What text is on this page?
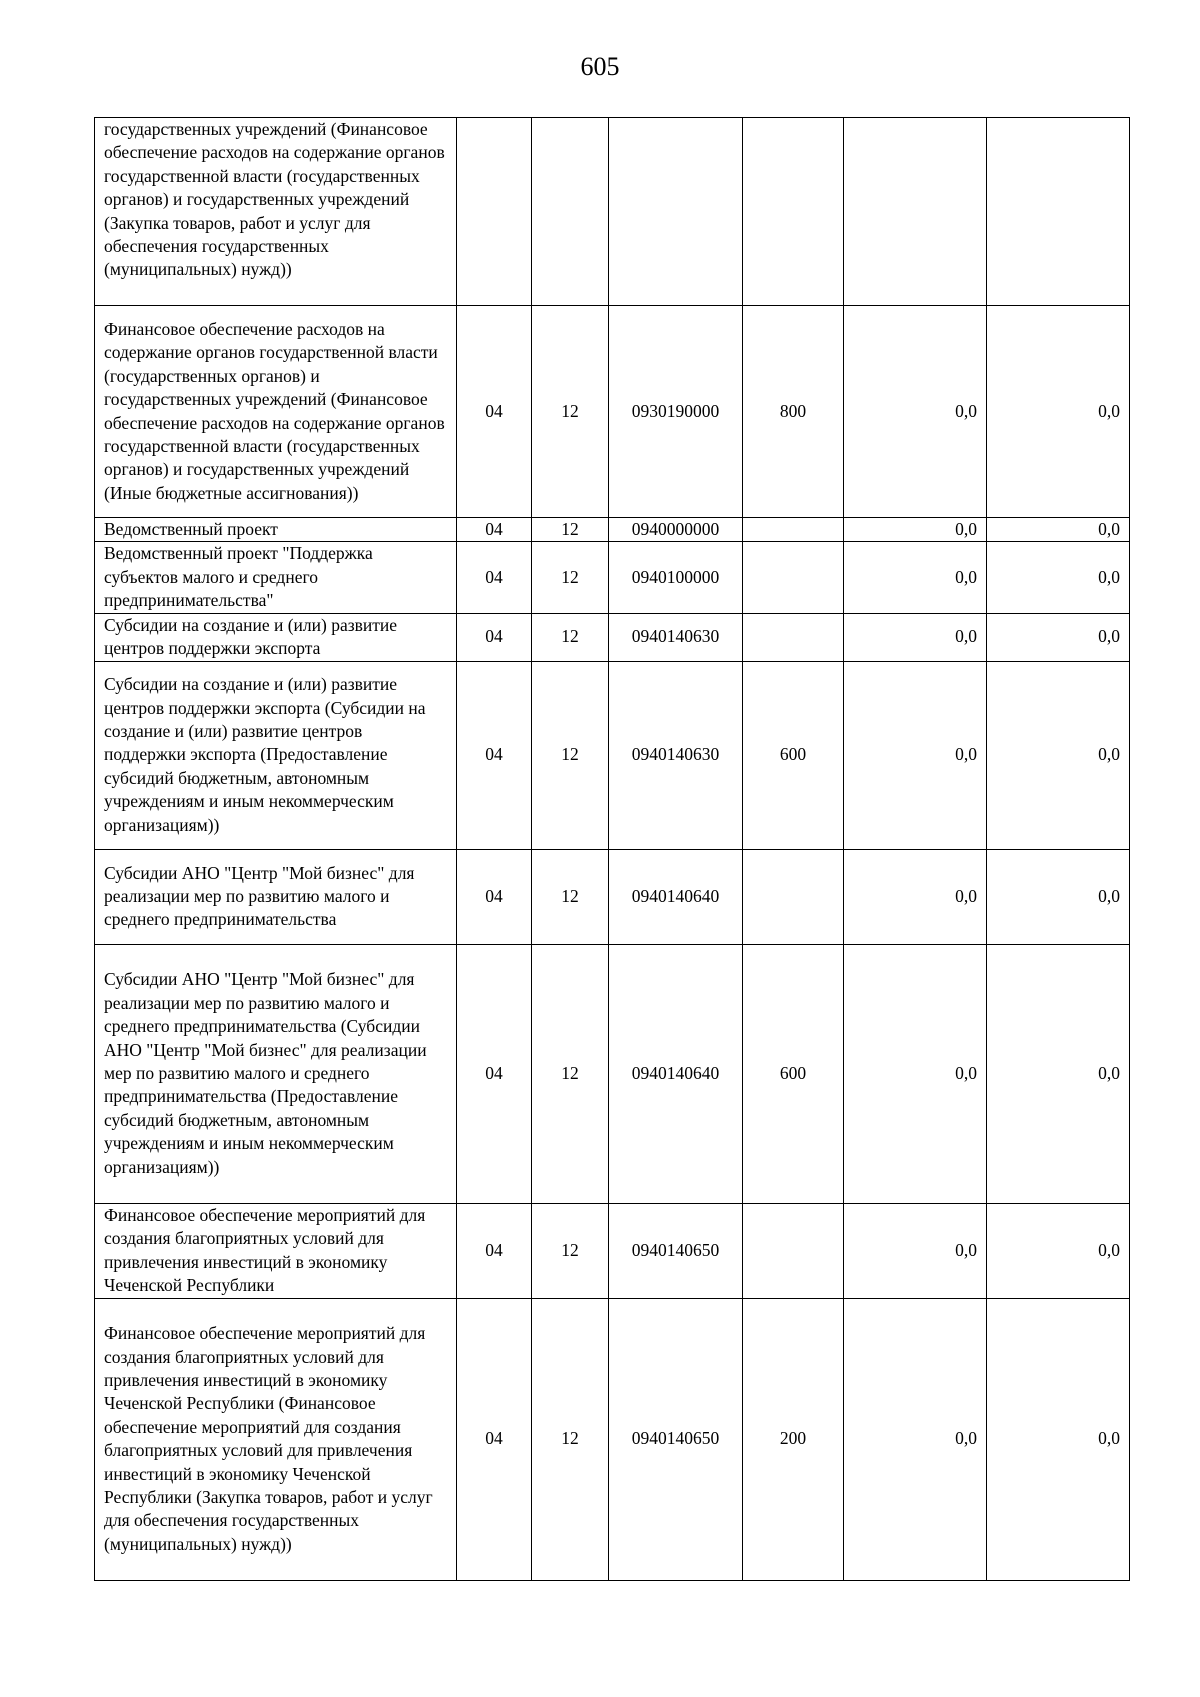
605
государственных учреждений (Финансовое обеспечение расходов на содержание органов государственной власти (государственных органов) и государственных учреждений (Закупка товаров, работ и услуг для обеспечения государственных (муниципальных) нужд))						
Финансовое обеспечение расходов на содержание органов государственной власти (государственных органов) и государственных учреждений (Финансовое обеспечение расходов на содержание органов государственной власти (государственных органов) и государственных учреждений (Иные бюджетные ассигнования))	04	12	0930190000	800	0,0	0,0
Ведомственный проект	04	12	0940000000		0,0	0,0
Ведомственный проект "Поддержка субъектов малого и среднего предпринимательства"	04	12	0940100000		0,0	0,0
Субсидии на создание и (или) развитие центров поддержки экспорта	04	12	0940140630		0,0	0,0
Субсидии на создание и (или) развитие центров поддержки экспорта (Субсидии на создание и (или) развитие центров поддержки экспорта (Предоставление субсидий бюджетным, автономным учреждениям и иным некоммерческим организациям))	04	12	0940140630	600	0,0	0,0
Субсидии АНО "Центр "Мой бизнес" для реализации мер по развитию малого и среднего предпринимательства	04	12	0940140640		0,0	0,0
Субсидии АНО "Центр "Мой бизнес" для реализации мер по развитию малого и среднего предпринимательства (Субсидии АНО "Центр "Мой бизнес" для реализации мер по развитию малого и среднего предпринимательства (Предоставление субсидий бюджетным, автономным учреждениям и иным некоммерческим организациям))	04	12	0940140640	600	0,0	0,0
Финансовое обеспечение мероприятий для создания благоприятных условий для привлечения инвестиций в экономику Чеченской Республики	04	12	0940140650		0,0	0,0
Финансовое обеспечение мероприятий для создания благоприятных условий для привлечения инвестиций в экономику Чеченской Республики (Финансовое обеспечение мероприятий для создания благоприятных условий для привлечения инвестиций в экономику Чеченской Республики (Закупка товаров, работ и услуг для обеспечения государственных (муниципальных) нужд))	04	12	0940140650	200	0,0	0,0
